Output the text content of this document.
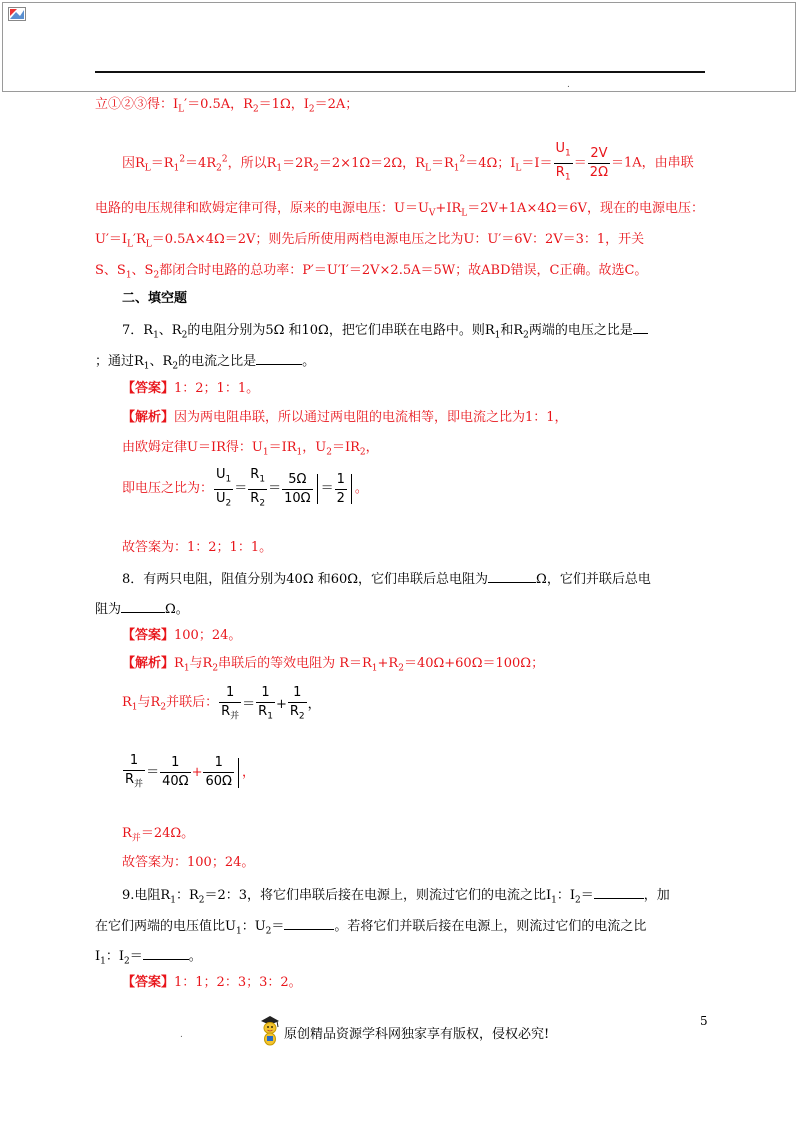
.
立①②③得：$I_L'=0.5A$，$R_2=1\Omega$，$I_2=2A$；
因$R_L=R_1^2=4R_2^2$，所以$R_1=2R_2=2\times 1\Omega=2\Omega$，$R_L=R_1^2=4\Omega$；$I_L=I= \frac{U_1}{R_1} = \frac{2V}{2\Omega} =1A$，由串联
电路的电压规律和欧姆定律可得，原来的电源电压：$U=U_V+IR_L=2V+1A\times 4\Omega=6V$，现在的电源电压：
$U'=I_L'R_L=0.5A\times 4\Omega=2V$；则先后所使用两档电源电压之比为U：U′＝6V：2V＝3：1，开关
S、$S_1$、$S_2$都闭合时电路的总功率：P′＝U′I′＝2V×2.5A＝5W；故ABD错误，C正确。故选C。
二、填空题
7．$R_1$、$R_2$的电阻分别为5Ω 和10Ω，把它们串联在电路中。则$R_1$和$R_2$两端的电压之比是
；通过$R_1$、$R_2$的电流之比是	。
【答案】1：2；1：1。
【解析】因为两电阻串联，所以通过两电阻的电流相等，即电流之比为1：1，
由欧姆定律U＝IR得：$U_1=IR_1$，$U_2=IR_2$，
即电压之比为： $\frac{U_1}{U_2} = \frac{R_1}{R_2} = \frac{5\Omega}{10\Omega} = \frac{1}{2}$ 。
故答案为：1：2；1：1。
8．有两只电阻，阻值分别为40Ω 和60Ω，它们串联后总电阻为	Ω，它们并联后总电
阻为	Ω。
【答案】100；24。
【解析】$R_1$与$R_2$串联后的等效电阻为 $R=R_1+R_2=40\Omega+60\Omega=100\Omega$；
$R_1$与$R_2$并联后： $\frac{1}{R_并} = \frac{1}{R_1} + \frac{1}{R_2}$ ，
$\frac{1}{R_并} = \frac{1}{40\Omega} + \frac{1}{60\Omega}$ ，
$R_并=24\Omega$。
故答案为：100；24。
9.电阻$R_1$：$R_2=2$：3，将它们串联后接在电源上，则流过它们的电流之比$I_1$：$I_2=$	，加
在它们两端的电压值比$U_1$：$U_2=$	。若将它们并联后接在电源上，则流过它们的电流之比
$I_1$：$I_2=$	。
【答案】1：1；2：3；3：2。
5
.	原创精品资源学科网独家享有版权，侵权必究!
